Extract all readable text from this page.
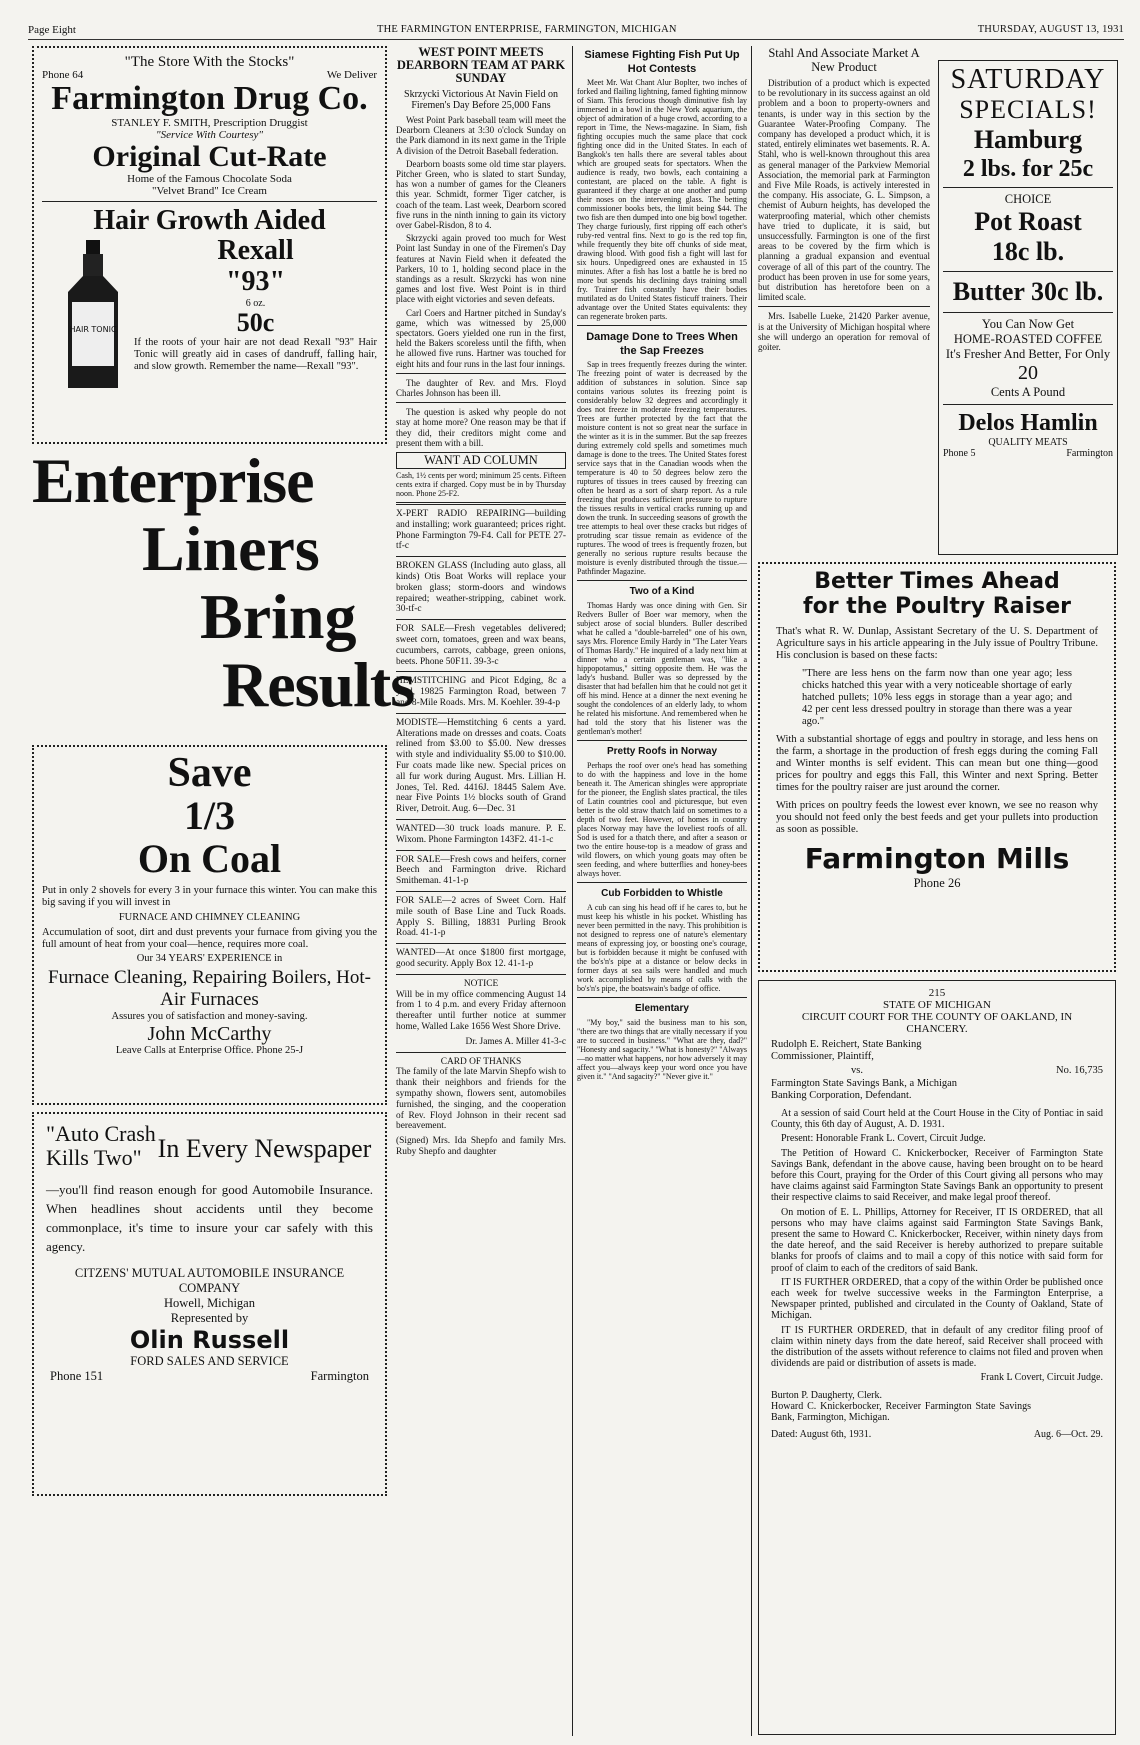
Page Eight	THE FARMINGTON ENTERPRISE, FARMINGTON, MICHIGAN	THURSDAY, AUGUST 13, 1931
"The Store With the Stocks"
Phone 64	We Deliver
Farmington Drug Co.
STANLEY F. SMITH, Prescription Druggist
"Service With Courtesy"
Original Cut-Rate
Home of the Famous Chocolate Soda
"Velvet Brand" Ice Cream
Hair Growth Aided
HAIR TONIC
Rexall
"93"
6 oz.
50c
If the roots of your hair are not dead Rexall "93" Hair Tonic will greatly aid in cases of dandruff, falling hair, and slow growth. Remember the name—Rexall "93".
Enterprise
Liners
Bring
Results
Save
1/3
On Coal
Put in only 2 shovels for every 3 in your furnace this winter. You can make this big saving if you will invest in
FURNACE AND CHIMNEY CLEANING
Accumulation of soot, dirt and dust prevents your furnace from giving you the full amount of heat from your coal—hence, requires more coal.
Our 34 YEARS' EXPERIENCE in
Furnace Cleaning, Repairing Boilers, Hot-Air Furnaces
Assures you of satisfaction and money-saving.
John McCarthy
Leave Calls at Enterprise Office. Phone 25-J
"Auto Crash Kills Two" In Every Newspaper
—you'll find reason enough for good Automobile Insurance. When headlines shout accidents until they become commonplace, it's time to insure your car safely with this agency.
CITZENS' MUTUAL AUTOMOBILE INSURANCE COMPANY
Howell, Michigan
Represented by
Olin Russell
FORD SALES AND SERVICE
Phone 151	Farmington
WEST POINT MEETS DEARBORN TEAM AT PARK SUNDAY
Skrzycki Victorious At Navin Field on Firemen's Day Before 25,000 Fans

West Point Park baseball team will meet the Dearborn Cleaners at 3:30 o'clock Sunday on the Park diamond in its next game in the Triple A division of the Detroit Baseball federation.

Dearborn boasts some old time star players. Pitcher Green, who is slated to start Sunday, has won a number of games for the Cleaners this year. Schmidt, former Tiger catcher, is coach of the team. Last week, Dearborn scored five runs in the ninth inning to gain its victory over Gabel-Risdon, 8 to 4.

Skrzycki again proved too much for West Point last Sunday in one of the Firemen's Day features at Navin Field when it defeated the Parkers, 10 to 1, holding second place in the standings as a result. Skrzycki has won nine games and lost five. West Point is in third place with eight victories and seven defeats.

Carl Coers and Hartner pitched in Sunday's game, which was witnessed by 25,000 spectators. Goers yielded one run in the first, held the Bakers scoreless until the fifth, when he allowed five runs. Hartner was touched for eight hits and four runs in the last four innings.

The daughter of Rev. and Mrs. Floyd Charles Johnson has been ill.

The question is asked why people do not stay at home more? One reason may be that if they did, their creditors might come and present them with a bill.

WANT AD COLUMN
Cash, 1½ cents per word; minimum 25 cents. Fifteen cents extra if charged. Copy must be in by Thursday noon. Phone 25-F2.
X-PERT RADIO REPAIRING—building and installing; work guaranteed; prices right. Phone Farmington 79-F4. Call for PETE 27-tf-c
BROKEN GLASS (Including auto glass, all kinds) Otis Boat Works will replace your broken glass; storm-doors and windows repaired; weather-stripping, cabinet work. 30-tf-c
FOR SALE—Fresh vegetables delivered; sweet corn, tomatoes, green and wax beans, cucumbers, carrots, cabbage, green onions, beets. Phone 50F11. 39-3-c
HEMSTITCHING and Picot Edging, 8c a yard, 19825 Farmington Road, between 7 and 8-Mile Roads. Mrs. M. Koehler. 39-4-p
MODISTE—Hemstitching 6 cents a yard. Alterations made on dresses and coats. Coats relined from $3.00 to $5.00. New dresses with style and individuality $5.00 to $10.00. Fur coats made like new. Special prices on all fur work during August. Mrs. Lillian H. Jones, Tel. Red. 4416J. 18445 Salem Ave. near Five Points 1½ blocks south of Grand River, Detroit. Aug. 6—Dec. 31
WANTED—30 truck loads manure. P. E. Wixom. Phone Farmington 143F2. 41-1-c
FOR SALE—Fresh cows and heifers, corner Beech and Farmington drive. Richard Smitheman. 41-1-p
FOR SALE—2 acres of Sweet Corn. Half mile south of Base Line and Tuck Roads. Apply S. Billing, 18831 Purling Brook Road. 41-1-p
WANTED—At once $1800 first mortgage, good security. Apply Box 12. 41-1-p
NOTICE
Will be in my office commencing August 14 from 1 to 4 p.m. and every Friday afternoon thereafter until further notice at summer home, Walled Lake 1656 West Shore Drive.
Dr. James A. Miller 41-3-c
CARD OF THANKS
The family of the late Marvin Shepfo wish to thank their neighbors and friends for the sympathy shown, flowers sent, automobiles furnished, the singing, and the cooperation of Rev. Floyd Johnson in their recent sad bereavement.
(Signed) Mrs. Ida Shepfo and family Mrs. Ruby Shepfo and daughter
Siamese Fighting Fish Put Up Hot Contests

Meet Mr. Wat Chant Alur Boplter, two inches of forked and flailing lightning, famed fighting minnow of Siam. This ferocious though diminutive fish lay immersed in a bowl in the New York aquarium, the object of admiration of a huge crowd, according to a report in Time, the News-magazine. In Siam, fish fighting occupies much the same place that cock fighting once did in the United States. In each of Bangkok's ten halls there are several tables about which are grouped seats for spectators. When the audience is ready, two bowls, each containing a contestant, are placed on the table. A fight is guaranteed if they charge at one another and pump their noses on the intervening glass. The betting commissioner books bets, the limit being $44. The two fish are then dumped into one big bowl together. They charge furiously, first ripping off each other's ruby-red ventral fins. Next to go is the red top fin, while frequently they bite off chunks of side meat, drawing blood. With good fish a fight will last for six hours. Unpedigreed ones are exhausted in 15 minutes. After a fish has lost a battle he is bred no more but spends his declining days training small fry. Trainer fish constantly have their bodies mutilated as do United States fisticuff trainers. Their advantage over the United States equivalents: they can regenerate broken parts.

Damage Done to Trees When the Sap Freezes

Sap in trees frequently freezes during the winter. The freezing point of water is decreased by the addition of substances in solution. Since sap contains various solutes its freezing point is considerably below 32 degrees and accordingly it does not freeze in moderate freezing temperatures. Trees are further protected by the fact that the moisture content is not so great near the surface in the winter as it is in the summer. But the sap freezes during extremely cold spells and sometimes much damage is done to the trees. The United States forest service says that in the Canadian woods when the temperature is 40 to 50 degrees below zero the ruptures of tissues in trees caused by freezing can often be heard as a sort of sharp report. As a rule freezing that produces sufficient pressure to rupture the tissues results in vertical cracks running up and down the trunk. In succeeding seasons of growth the tree attempts to heal over these cracks but ridges of protruding scar tissue remain as evidence of the ruptures. The wood of trees is frequently frozen, but generally no serious rupture results because the moisture is evenly distributed through the tissue.—Pathfinder Magazine.

Two of a Kind

Thomas Hardy was once dining with Gen. Sir Redvers Buller of Boer war memory, when the subject arose of social blunders. Buller described what he called a "double-barreled" one of his own, says Mrs. Florence Emily Hardy in "The Later Years of Thomas Hardy." He inquired of a lady next him at dinner who a certain gentleman was, "like a hippopotamus," sitting opposite them. He was the lady's husband. Buller was so depressed by the disaster that had befallen him that he could not get it off his mind. Hence at a dinner the next evening he sought the condolences of an elderly lady, to whom he related his misfortune. And remembered when he had told the story that his listener was the gentleman's mother!

Pretty Roofs in Norway

Perhaps the roof over one's head has something to do with the happiness and love in the home beneath it. The American shingles were appropriate for the pioneer, the English slates practical, the tiles of Latin countries cool and picturesque, but even better is the old straw thatch laid on sometimes to a depth of two feet. However, of homes in country places Norway may have the loveliest roofs of all. Sod is used for a thatch there, and after a season or two the entire house-top is a meadow of grass and wild flowers, on which young goats may often be seen feeding, and where butterflies and honey-bees always hover.

Cub Forbidden to Whistle

A cub can sing his head off if he cares to, but he must keep his whistle in his pocket. Whistling has never been permitted in the navy. This prohibition is not designed to repress one of nature's elementary means of expressing joy, or boosting one's courage, but is forbidden because it might be confused with the bo's'n's pipe at a distance or below decks in former days at sea sails were handled and much work accomplished by means of calls with the bo's'n's pipe, the boatswain's badge of office.

Elementary

"My boy," said the business man to his son, "there are two things that are vitally necessary if you are to succeed in business." "What are they, dad?" "Honesty and sagacity." "What is honesty?" "Always—no matter what happens, nor how adversely it may affect you—always keep your word once you have given it." "And sagacity?" "Never give it."

Stahl And Associate Market A New Product

Distribution of a product which is expected to be revolutionary in its success against an old problem and a boon to property-owners and tenants, is under way in this section by the Guarantee Water-Proofing Company. The company has developed a product which, it is stated, entirely eliminates wet basements. R. A. Stahl, who is well-known throughout this area as general manager of the Parkview Memorial Association, the memorial park at Farmington and Five Mile Roads, is actively interested in the company. His associate, G. L. Simpson, a chemist of Auburn heights, has developed the waterproofing material, which other chemists have tried to duplicate, it is said, but unsuccessfully. Farmington is one of the first areas to be covered by the firm which is planning a gradual expansion and eventual coverage of all of this part of the country. The product has been proven in use for some years, but distribution has heretofore been on a limited scale.

Mrs. Isabelle Lueke, 21420 Parker avenue, is at the University of Michigan hospital where she will undergo an operation for removal of goiter.

SATURDAY
SPECIALS!
Hamburg
2 lbs. for 25c
CHOICE
Pot Roast
18c lb.
Butter 30c lb.
You Can Now Get
HOME-ROASTED COFFEE
It's Fresher And Better, For Only
20
Cents A Pound
Delos Hamlin
QUALITY MEATS
Phone 5	Farmington
Better Times Ahead
for the Poultry Raiser
That's what R. W. Dunlap, Assistant Secretary of the U. S. Department of Agriculture says in his article appearing in the July issue of Poultry Tribune. His conclusion is based on these facts:
"There are less hens on the farm now than one year ago; less chicks hatched this year with a very noticeable shortage of early hatched pullets; 10% less eggs in storage than a year ago; and 42 per cent less dressed poultry in storage than there was a year ago."
With a substantial shortage of eggs and poultry in storage, and less hens on the farm, a shortage in the production of fresh eggs during the coming Fall and Winter months is self evident. This can mean but one thing—good prices for poultry and eggs this Fall, this Winter and next Spring. Better times for the poultry raiser are just around the corner.
With prices on poultry feeds the lowest ever known, we see no reason why you should not feed only the best feeds and get your pullets into production as soon as possible.
Farmington Mills
Phone 26
215
STATE OF MICHIGAN
CIRCUIT COURT FOR THE COUNTY OF OAKLAND, IN CHANCERY.
Rudolph E. Reichert, State Banking Commissioner, Plaintiff,
vs.	No. 16,735
Farmington State Savings Bank, a Michigan Banking Corporation, Defendant.

At a session of said Court held at the Court House in the City of Pontiac in said County, this 6th day of August, A. D. 1931.

Present: Honorable Frank L. Covert, Circuit Judge.

The Petition of Howard C. Knickerbocker, Receiver of Farmington State Savings Bank, defendant in the above cause, having been brought on to be heard before this Court, praying for the Order of this Court giving all persons who may have claims against said Farmington State Savings Bank an opportunity to present their respective claims to said Receiver, and make legal proof thereof.

On motion of E. L. Phillips, Attorney for Receiver, IT IS ORDERED, that all persons who may have claims against said Farmington State Savings Bank, present the same to Howard C. Knickerbocker, Receiver, within ninety days from the date hereof, and the said Receiver is hereby authorized to prepare suitable blanks for proofs of claims and to mail a copy of this notice with said form for proof of claim to each of the creditors of said Bank.

IT IS FURTHER ORDERED, that a copy of the within Order be published once each week for twelve successive weeks in the Farmington Enterprise, a Newspaper printed, published and circulated in the County of Oakland, State of Michigan.

IT IS FURTHER ORDERED, that in default of any creditor filing proof of claim within ninety days from the date hereof, said Receiver shall proceed with the distribution of the assets without reference to claims not filed and proven when dividends are paid or distribution of assets is made.

Frank L Covert, Circuit Judge.
Burton P. Daugherty, Clerk.
Howard C. Knickerbocker, Receiver Farmington State Savings Bank, Farmington, Michigan.
Dated: August 6th, 1931.	Aug. 6—Oct. 29.
